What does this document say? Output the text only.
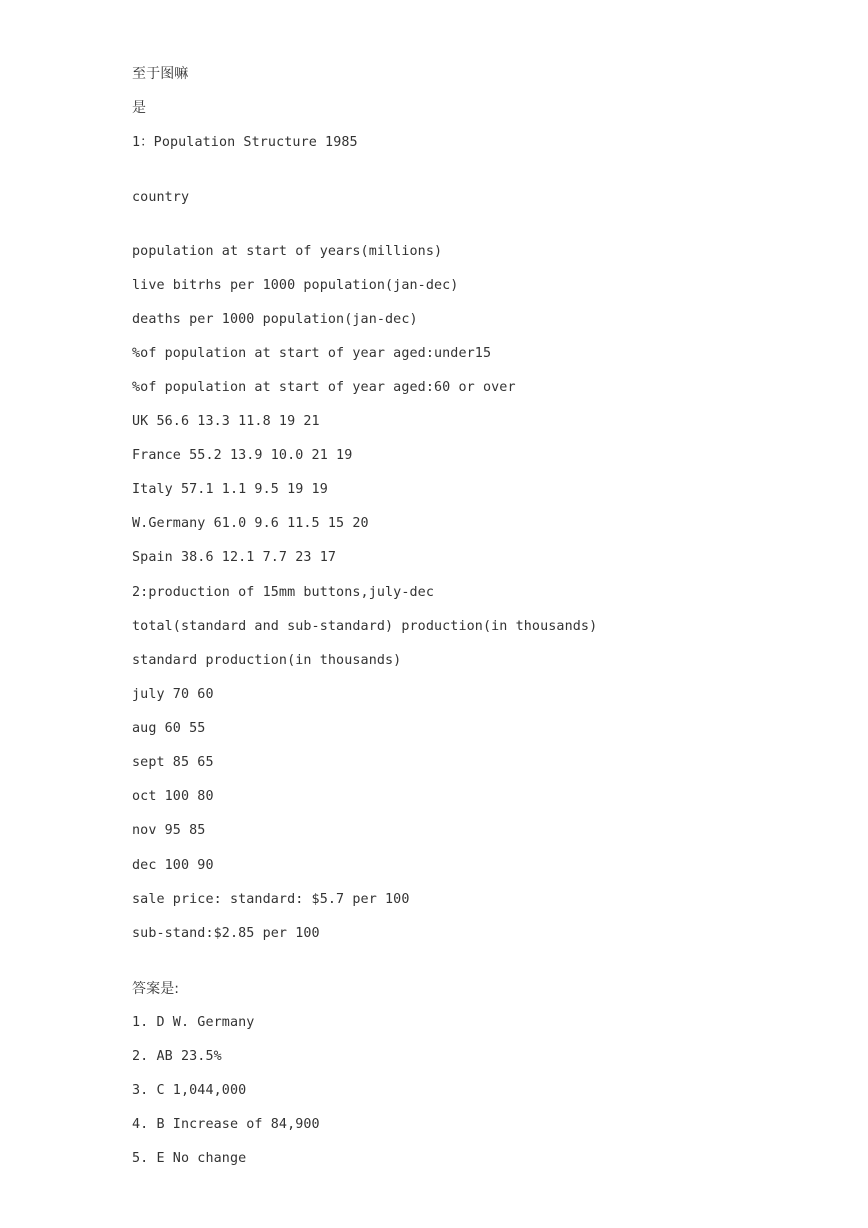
至于图嘛

是

1：Population Structure 1985

country

population at start of years(millions)

live bitrhs per 1000 population(jan-dec)

deaths per 1000 population(jan-dec)

%of population at start of year aged:under15

%of population at start of year aged:60 or over

UK 56.6 13.3 11.8 19 21

France 55.2 13.9 10.0 21 19

Italy 57.1 1.1 9.5 19 19

W.Germany 61.0 9.6 11.5 15 20

Spain 38.6 12.1 7.7 23 17

2:production of 15mm buttons,july-dec

total(standard and sub-standard) production(in thousands)

standard production(in thousands)

july 70 60

aug 60 55

sept 85 65

oct 100 80

nov 95 85

dec 100 90

sale price: standard: $5.7 per 100

sub-stand:$2.85 per 100

答案是:

1. D W. Germany

2. AB 23.5%

3. C 1,044,000

4. B Increase of 84,900

5. E No change
